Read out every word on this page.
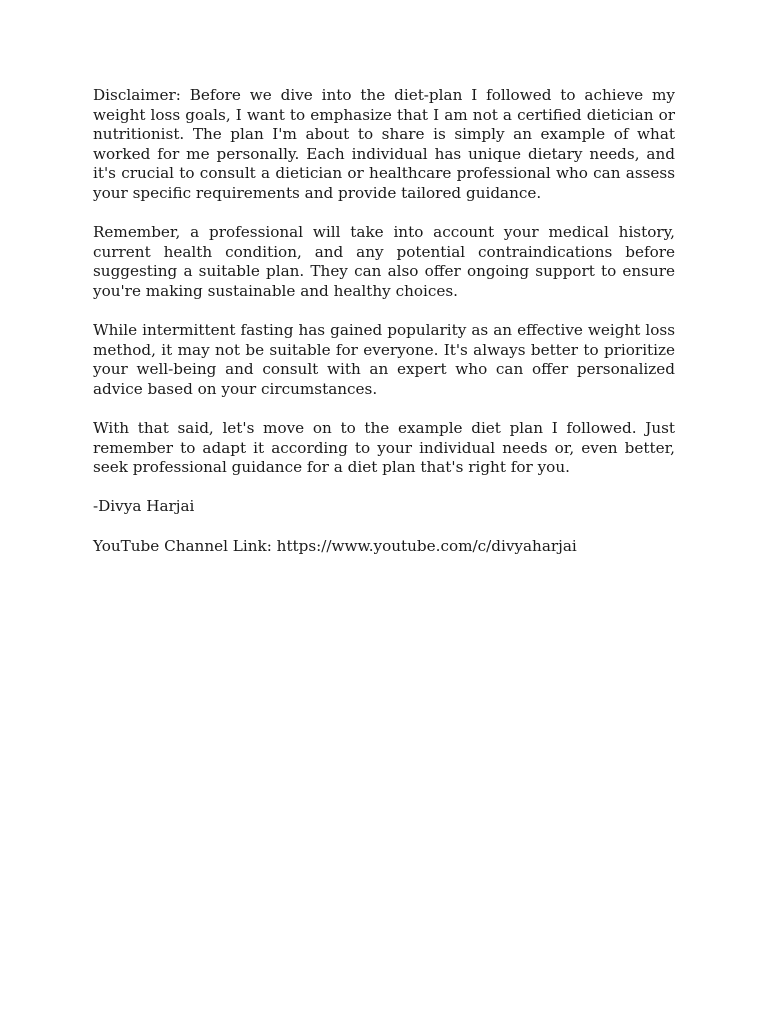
Disclaimer: Before we dive into the diet-plan I followed to achieve my weight loss goals, I want to emphasize that I am not a certified dietician or nutritionist. The plan I'm about to share is simply an example of what worked for me personally. Each individual has unique dietary needs, and it's crucial to consult a dietician or healthcare professional who can assess your specific requirements and provide tailored guidance.

Remember, a professional will take into account your medical history, current health condition, and any potential contraindications before suggesting a suitable plan. They can also offer ongoing support to ensure you're making sustainable and healthy choices.

While intermittent fasting has gained popularity as an effective weight loss method, it may not be suitable for everyone. It's always better to prioritize your well-being and consult with an expert who can offer personalized advice based on your circumstances.

With that said, let's move on to the example diet plan I followed. Just remember to adapt it according to your individual needs or, even better, seek professional guidance for a diet plan that's right for you.

-Divya Harjai

YouTube Channel Link: https://www.youtube.com/c/divyaharjai
